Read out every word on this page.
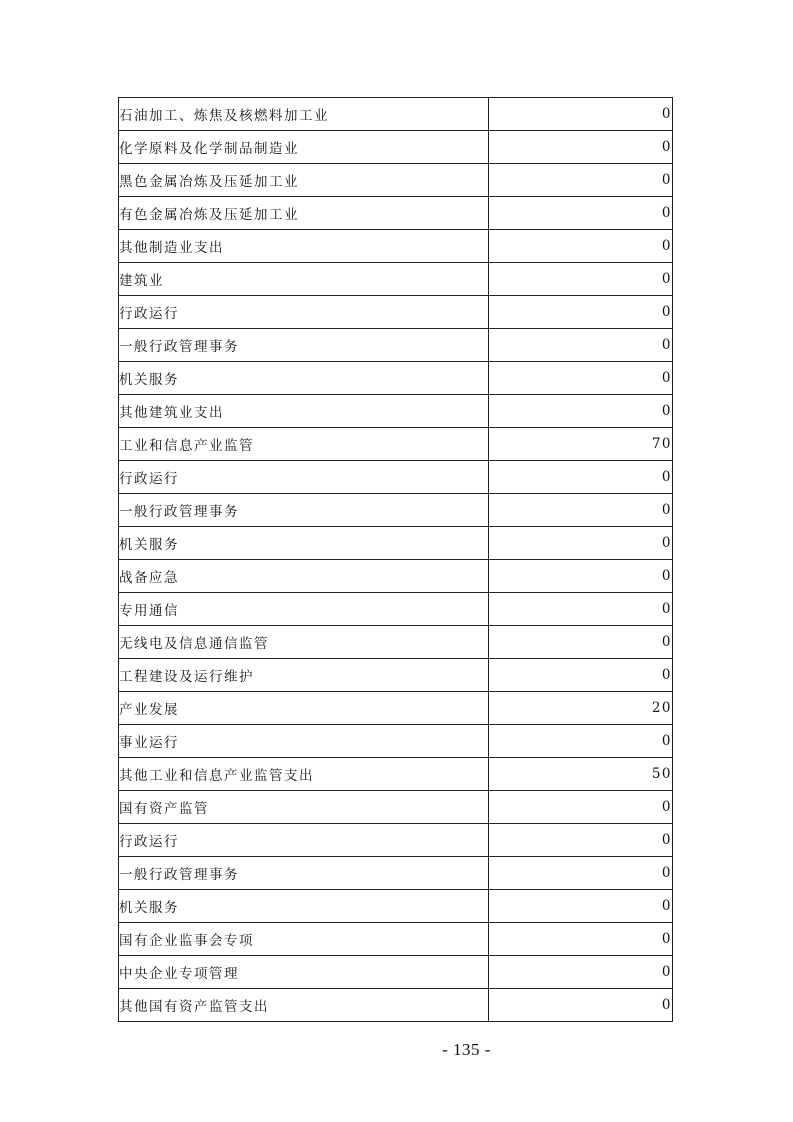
石油加工、炼焦及核燃料加工业	0
化学原料及化学制品制造业	0
黑色金属冶炼及压延加工业	0
有色金属冶炼及压延加工业	0
其他制造业支出	0
建筑业	0
行政运行	0
一般行政管理事务	0
机关服务	0
其他建筑业支出	0
工业和信息产业监管	70
行政运行	0
一般行政管理事务	0
机关服务	0
战备应急	0
专用通信	0
无线电及信息通信监管	0
工程建设及运行维护	0
产业发展	20
事业运行	0
其他工业和信息产业监管支出	50
国有资产监管	0
行政运行	0
一般行政管理事务	0
机关服务	0
国有企业监事会专项	0
中央企业专项管理	0
其他国有资产监管支出	0
- 135 -
